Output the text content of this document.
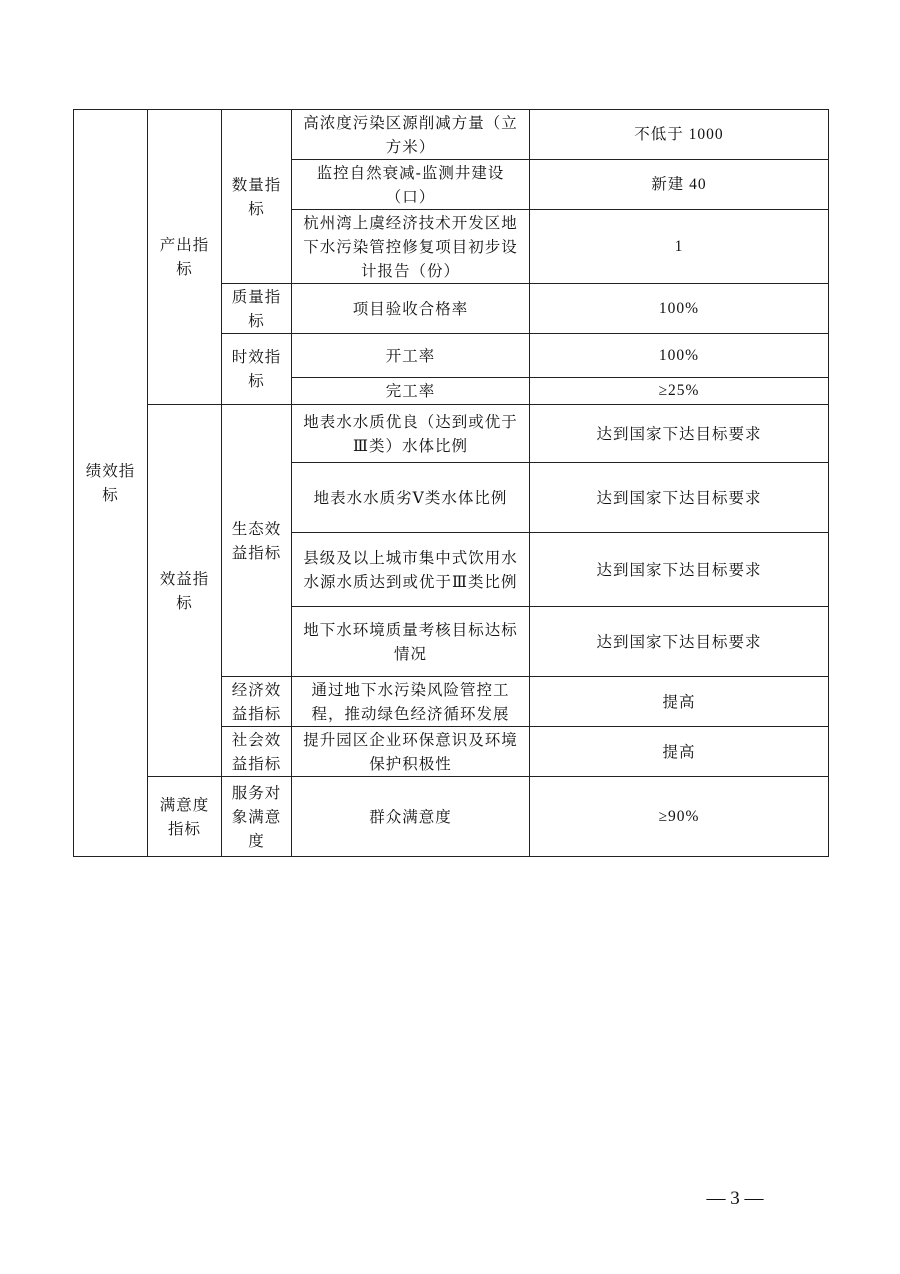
绩效指标	产出指标	数量指标	高浓度污染区源削减方量（立方米）	不低于 1000
			监控自然衰减-监测井建设（口）	新建 40
			杭州湾上虞经济技术开发区地下水污染管控修复项目初步设计报告（份）	1
		质量指标	项目验收合格率	100%
		时效指标	开工率	100%
			完工率	≥25%
	效益指标	生态效益指标	地表水水质优良（达到或优于Ⅲ类）水体比例	达到国家下达目标要求
			地表水水质劣Ⅴ类水体比例	达到国家下达目标要求
			县级及以上城市集中式饮用水水源水质达到或优于Ⅲ类比例	达到国家下达目标要求
			地下水环境质量考核目标达标情况	达到国家下达目标要求
		经济效益指标	通过地下水污染风险管控工程，推动绿色经济循环发展	提高
		社会效益指标	提升园区企业环保意识及环境保护积极性	提高
	满意度指标	服务对象满意度	群众满意度	≥90%
— 3 —
